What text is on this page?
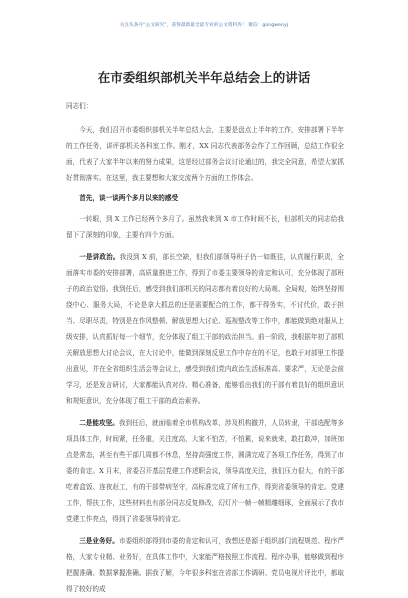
关注头条号“公文研究”，获得最新最全最专业的公文资料库！ 微信：gongwenyj
在市委组织部机关半年总结会上的讲话

同志们：

今天，我们召开市委组织部机关半年总结大会，主要是盘点上半年的工作，安排部署下半年的工作任务，讲评部机关各科室工作。刚才，XX 同志代表部务会作了工作回顾，总结工作很全面，代表了大家半年以来的努力成果，这是经过部务会议讨论通过的，我完全同意，希望大家抓好贯彻落实。在这里，我主要想和大家交流两个方面的工作体会。

首先，谈一谈两个多月以来的感受

一转眼，到 X 工作已经两个多月了。虽然我来到 X 市工作时间不长，但部机关的同志给我留下了深刻的印象，主要有四个方面。

一是讲政治。我没到 X 前，部长空缺，但我们部领导班子仍一如既往，认真履行职责，全面落实市委的安排部署，高质量推进工作，得到了市委主要领导的肯定和认可，充分体现了部班子的政治觉悟。我到任后，感受到我们部机关的同志都有着良好的大局观、全局观，始终坚持围绕中心、服务大局，不论是拿大抓总的还是需要配合的工作，都干得务实，不讨代价，敢于担当、尽职尽责，特别是在作风整顿、解放思想大讨论、巡视整改等工作中，都能做到绝对服从上级安排，认真抓好每一个细节，充分体现了组工干部的政治担当。前一阶段，我根据年初了部机关解放思想大讨论会议，在大讨论中，能做到深刻反思工作中存在的不足，也敢于对部里工作提出意见，并在全省组织生活会等会议上，感受到我们党内政治生活标准高、要求严，无论是会前学习，还是发言研讨，大家都能认真对待、精心准备，能够看出我们的干部有着良好的组织意识和规矩意识，充分体现了组工干部的政治素养。

二是能攻坚。我到任后，就面临着全市机构改革，涉及机构撤并，人员转隶，干部选配等多项具体工作，时间紧，任务重，关注度高，大家不怕苦，不怕累，说来就来，敢打敢冲，加班加点是常态，甚至有些干部几周都不休息，坚持高强度工作，圆满完成了各项工作任务，得到了市委的肯定。X 月末，省委召开基层党建工作述职会议，领导高度关注，我们压力很大，有的干部吃着盒饭、连夜赶工，有的干部带病坚守，高标准完成了所有工作，得到省委领导的肯定。党建工作，帮扶工作，这些材料也有部分同志反复修改，幻灯片一帧一帧精雕细琢，全面展示了我市党建工作亮点，得到了省委领导的肯定。

三是业务好。市委组织部得到市委的肯定和认可，我想还是源于组织部门流程规范、程序严格，大家专业精、业务好，在具体工作中，大家能严格按照工作流程、程序办事，能够做到程序把握准确、数据掌握准确。据我了解，今年很多科室在省部工作调研、党员电视片评比中，都取得了较好的成
